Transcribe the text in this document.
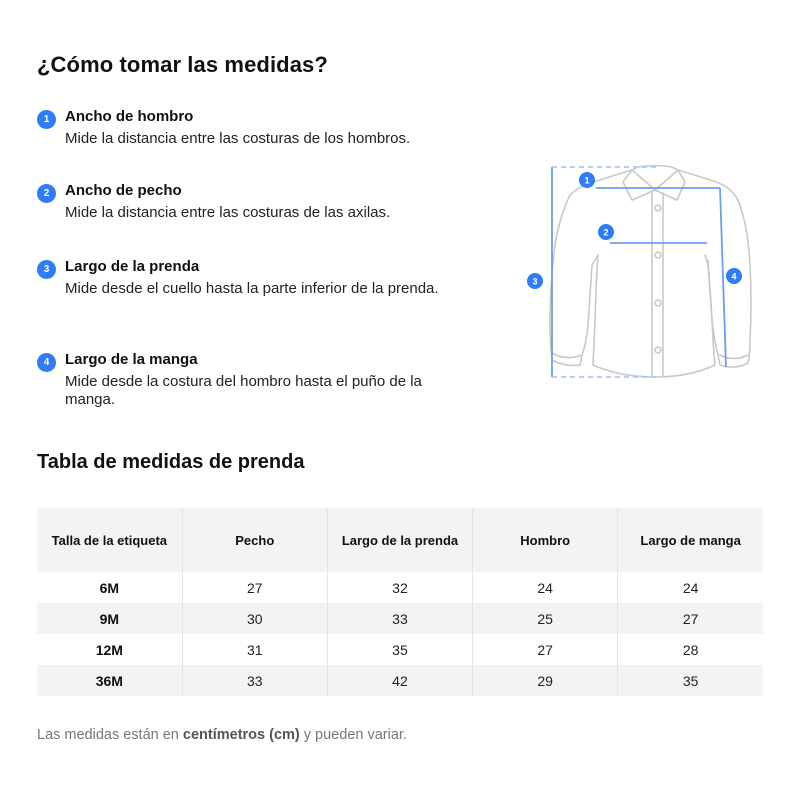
¿Cómo tomar las medidas?
1	Ancho de hombro
Mide la distancia entre las costuras de los hombros.
2	Ancho de pecho
Mide la distancia entre las costuras de las axilas.
3	Largo de la prenda
Mide desde el cuello hasta la parte inferior de la prenda.
4	Largo de la manga
Mide desde la costura del hombro hasta el puño de la manga.
1
2
3	4
Tabla de medidas de prenda
Talla de la etiqueta	Pecho	Largo de la prenda	Hombro	Largo de manga
6M	27	32	24	24
9M	30	33	25	27
12M	31	35	27	28
36M	33	42	29	35

Las medidas están en centímetros (cm) y pueden variar.
